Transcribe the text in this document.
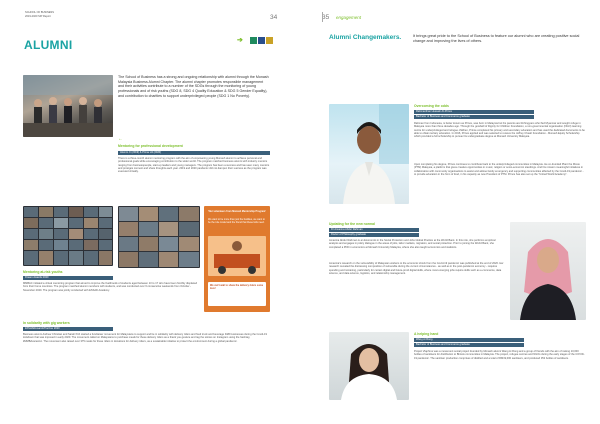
SCHOOL OF BUSINESS
2019-2020 SIP Report	34	35 engagement
ALUMNI	➔
The School of Business has a strong and ongoing relationship with alumni through the Monash Malaysia Business Alumni Chapter. The alumni chapter promotes responsible management and their activities contribute to a number of the SDGs through the monitoring of young professionals and of risk youths (SDG 8, SDG 4 Quality Education & SDG 5 Gender Equality), and contribution to charities to support underprivileged people (SDG 1 No Poverty).
←
Mentoring for professional development
Alumni Jr (2019) & Prima Lili (2020)
There is a three-month alumni mentoring program with the aim of empowering young Monash alumni to achieve personal and professional goals while encouraging contribution to the wider world. The program matched business alumni with industry mentors ranging from businesspeople, start-up leaders and young managers. The program has been a success and has seen many mentors and protégés connect and share thoughts each year. 2019 and 2020 pandemic did not dampen their success as the program was executed virtually.
'Our volunteers from Monash Mentorship Program'
We want to be more than just the buddies, we want to be the role model and the friend that these kids need.
We can't wait to share the delivery riders some love!
Mentoring at-risk youths
Dream Awards 2020
MMBAC initiated a virtual mentoring program that aimed to improve the livelihoods of students aged between 13 to 17 who have been forcibly displaced from their home countries. The program matched alumni members with students, and was conducted over 6 consecutive weekends from October - November 2020. The program was jointly conducted with ESSAD Academy.
In solidarity with gig workers
#ASHARewardsTheOne 2020
Business alumni Andrew Christian and Sarah Poh started a fundraiser movement for Malaysians to support and be in solidarity with delivery riders and food truck and beverage F&B businesses during the Covid-19 lockdown that was imposed in early 2020. The movement called on Malaysians to purchase meals for these delivery riders as a thank you gesture and tag the stories on Instagram using the hashtag #MMBAcaresInc. The movement also raised over 375 meals for these riders in donations for delivery riders, as a sustainable initiative to protect the environment during a global pandemic.
Alumni Changemakers.	It brings great pride to the School of Business to feature our alumni who are creating positive social change and improving the lives of others.
Overcoming the odds
Rahmanthan Hussain Al-Prince
Bachelor of Business and Commerce graduate
Rahman from Indonesia, is better known as Prince, was born in Malaysia but his parents are Rohingyans who fled Myanmar and sought refuge in Malaysia more than three decades ago. Through the goodwill of Dignity for Children Foundation, a non-governmental organisation (NGO) learning centre for underprivileged and refugee children, Prince completed his primary and secondary education and has used the dedicated documents to be able to obtain tertiary education. In 2016, Prince applied and was selected to receive the Jeffrey Cheah Foundation - Monash Equity Scholarship which provided a full scholarship to pursue his undergraduate degree at Monash University Malaysia.
Upon completing his degree, Prince continues to contribute back to the underprivileged communities in Malaysia. He co-founded Plant the Movie (PTM) Malaysia, a platform that gives creative opportunities in music, religion or socio-economic standings. And his mission meaningful initiatives in collaboration with community organisations to assist and advise family emergency and supporting communities affected by the Covid-19 pandemic - to provide education in the form of food, in his capacity as new President of PTM. Prince has also set up the "United World Academy".
Updating for the new normal
Dr Amanina Abdur Rahman
Doctor of Philosophy graduate
Amanina Abdur Rahman is an Economist in the Social Protection and Jobs Global Practice at the World Bank. In this role, she performs empirical analysis and engages in policy dialogue in the areas of jobs, labor markets, migration, and social protection. Prior to joining the World Bank, she completed a PhD in economics at Monash University Malaysia, where she also taught economics and statistics.
Amanina's research on the vulnerability of Malaysian workers to the economic shock from the Covid-19 pandemic was published at the end of 2020. Her research revealed the distressing composition of vulnerable during the current circumstances - as well as in the post-pandemic economy - requires spending and retraining, particularly for certain digital and future-proof digital skills, where most emerging jobs require skills such as e-commerce, data science, and data science, logistics, and relationship management.
A helping hand
Wang Ai Rong
Bachelor of Business and Commerce graduate
Project Vlaphrus was a movement social project founded by Monash alumni Wang Ai Rong and a group of friends with the aim of raising 10,000 bottles of sanitisers for distribution to Bintulu communities in Malaysia. The project, refugee centres and NGOs during the early stages of the COVID-19 pandemic. The sanitiser production comprises of distilled and a total of RM19,000 sanitisers, and produced 352 bottles of sanitisers.
